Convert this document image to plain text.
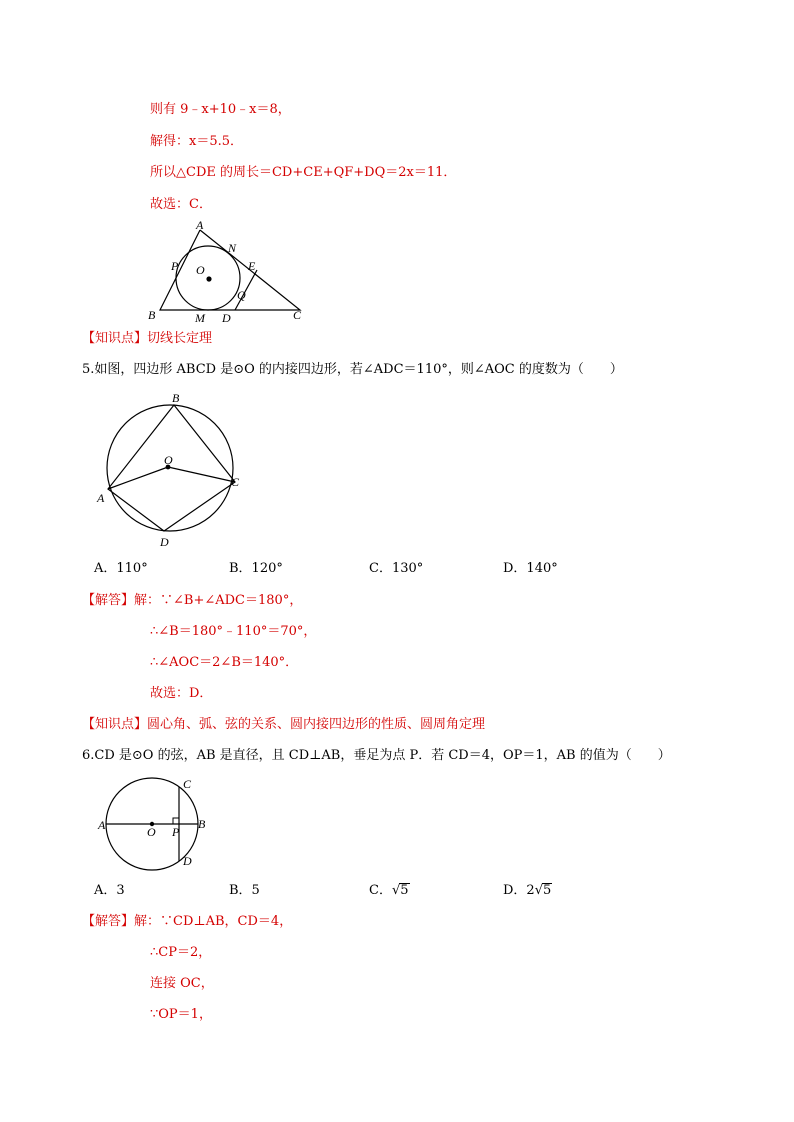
则有 9﹣x+10﹣x＝8，
解得：x＝5.5．
所以△CDE 的周长＝CD+CE+QF+DQ＝2x＝11．
故选：C．
A
N
P O	E
Q
B	M D	C
【知识点】切线长定理
5.如图，四边形 ABCD 是⊙O 的内接四边形，若∠ADC＝110°，则∠AOC 的度数为（　　）
B
O
C
A
D
A．110°	B．120°	C．130°	D．140°
【解答】解：∵∠B+∠ADC＝180°，
∴∠B＝180°﹣110°＝70°，
∴∠AOC＝2∠B＝140°．
故选：D．
【知识点】圆心角、弧、弦的关系、圆内接四边形的性质、圆周角定理
6.CD 是⊙O 的弦，AB 是直径，且 CD⊥AB，垂足为点 P．若 CD＝4，OP＝1，AB 的值为（　　）
C
A	B
O P
D
A．3	B．5	C．√5	D．2√5
【解答】解：∵CD⊥AB，CD＝4，
∴CP＝2，
连接 OC，
∵OP＝1，
